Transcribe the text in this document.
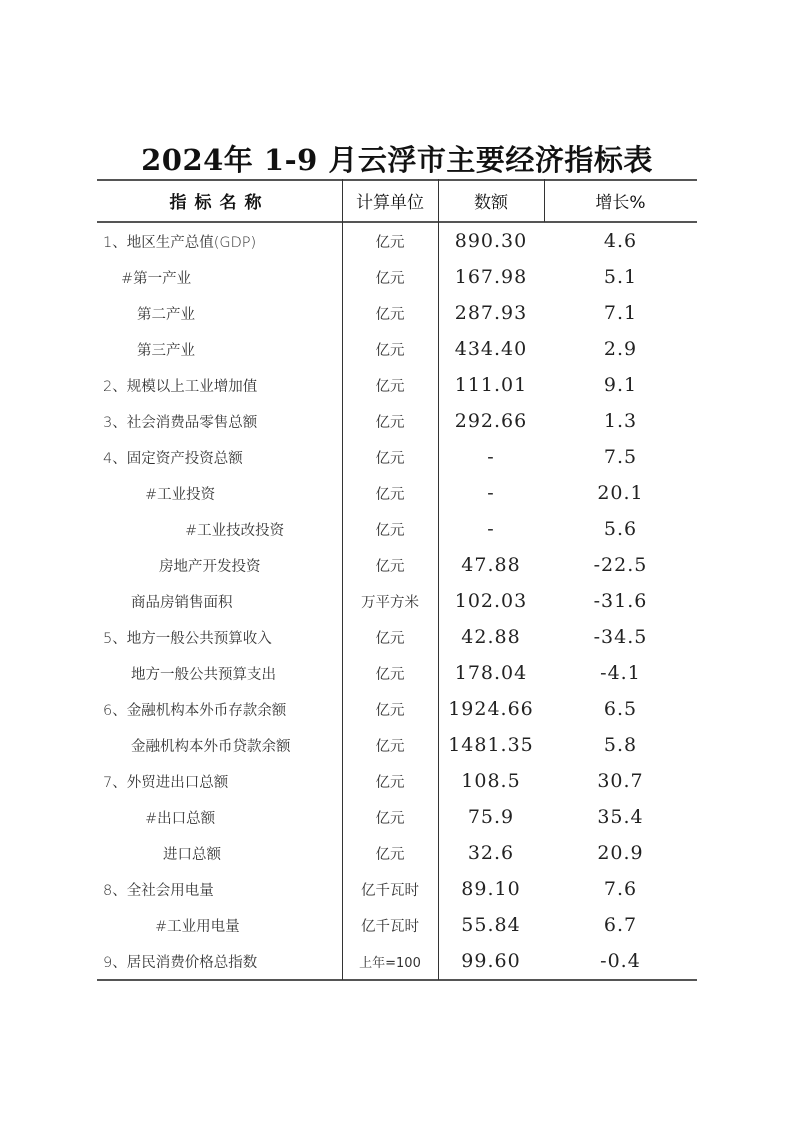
2024年 1-9 月云浮市主要经济指标表
指标名称	计算单位	数额	增长%
1、地区生产总值(GDP)	亿元	890.30	4.6
#第一产业	亿元	167.98	5.1
第二产业	亿元	287.93	7.1
第三产业	亿元	434.40	2.9
2、规模以上工业增加值	亿元	111.01	9.1
3、社会消费品零售总额	亿元	292.66	1.3
4、固定资产投资总额	亿元	-	7.5
#工业投资	亿元	-	20.1
#工业技改投资	亿元	-	5.6
房地产开发投资	亿元	47.88	-22.5
商品房销售面积	万平方米	102.03	-31.6
5、地方一般公共预算收入	亿元	42.88	-34.5
地方一般公共预算支出	亿元	178.04	-4.1
6、金融机构本外币存款余额	亿元	1924.66	6.5
金融机构本外币贷款余额	亿元	1481.35	5.8
7、外贸进出口总额	亿元	108.5	30.7
#出口总额	亿元	75.9	35.4
进口总额	亿元	32.6	20.9
8、全社会用电量	亿千瓦时	89.10	7.6
#工业用电量	亿千瓦时	55.84	6.7
9、居民消费价格总指数	上年=100	99.60	-0.4
